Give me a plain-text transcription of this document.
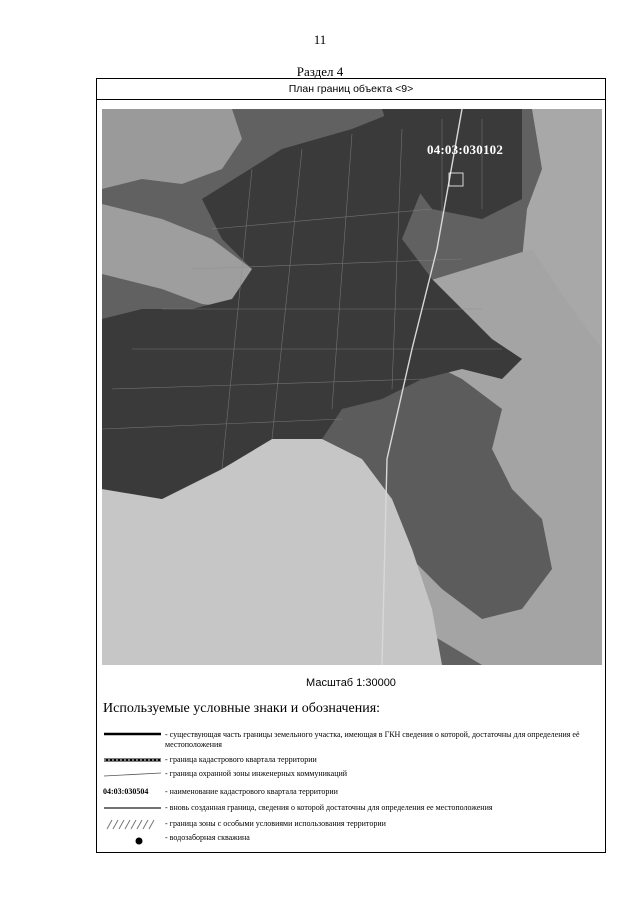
11
Раздел 4
План границ объекта <9>
04:03:030102
Масштаб 1:30000
Используемые условные знаки и обозначения:
- существующая часть границы земельного участка, имеющая в ГКН сведения о которой, достаточны для определения её местоположения
- граница кадастрового квартала территории
- граница охранной зоны инженерных коммуникаций
04:03:030504	- наименование кадастрового квартала территории
- вновь созданная граница, сведения о которой достаточны для определения ее местоположения
- граница зоны с особыми условиями использования территории
- водозаборная скважина
